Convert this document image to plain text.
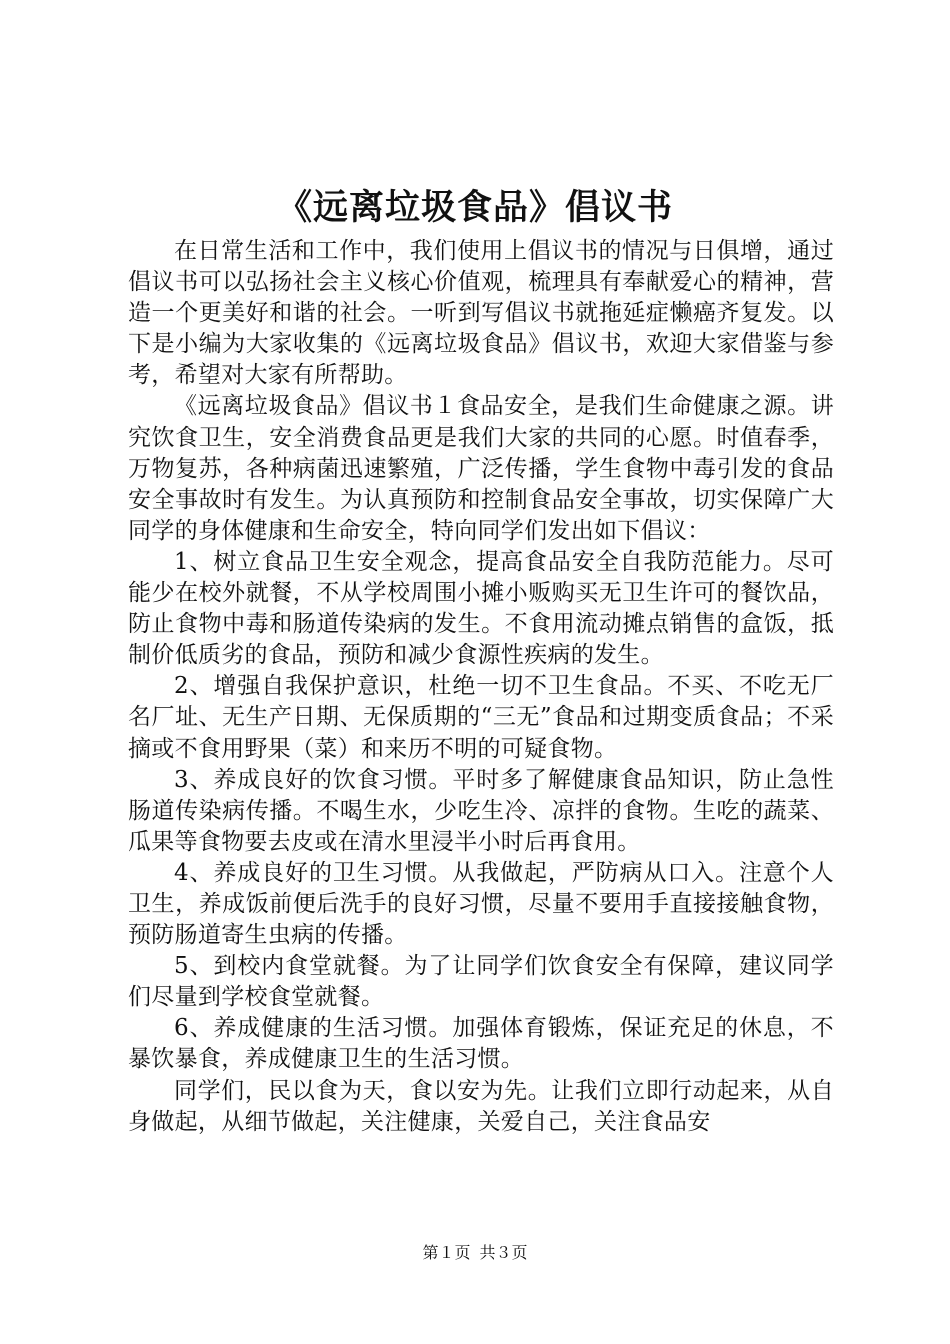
《远离垃圾食品》倡议书

在日常生活和工作中，我们使用上倡议书的情况与日俱增，通过倡议书可以弘扬社会主义核心价值观，梳理具有奉献爱心的精神，营造一个更美好和谐的社会。一听到写倡议书就拖延症懒癌齐复发。以下是小编为大家收集的《远离垃圾食品》倡议书，欢迎大家借鉴与参考，希望对大家有所帮助。

《远离垃圾食品》倡议书１食品安全，是我们生命健康之源。讲究饮食卫生，安全消费食品更是我们大家的共同的心愿。时值春季，万物复苏，各种病菌迅速繁殖，广泛传播，学生食物中毒引发的食品安全事故时有发生。为认真预防和控制食品安全事故，切实保障广大同学的身体健康和生命安全，特向同学们发出如下倡议：

1、树立食品卫生安全观念，提高食品安全自我防范能力。尽可能少在校外就餐，不从学校周围小摊小贩购买无卫生许可的餐饮品，防止食物中毒和肠道传染病的发生。不食用流动摊点销售的盒饭，抵制价低质劣的食品，预防和减少食源性疾病的发生。

2、增强自我保护意识，杜绝一切不卫生食品。不买、不吃无厂名厂址、无生产日期、无保质期的“三无”食品和过期变质食品；不采摘或不食用野果（菜）和来历不明的可疑食物。

3、养成良好的饮食习惯。平时多了解健康食品知识，防止急性肠道传染病传播。不喝生水，少吃生冷、凉拌的食物。生吃的蔬菜、瓜果等食物要去皮或在清水里浸半小时后再食用。

4、养成良好的卫生习惯。从我做起，严防病从口入。注意个人卫生，养成饭前便后洗手的良好习惯，尽量不要用手直接接触食物，预防肠道寄生虫病的传播。

5、到校内食堂就餐。为了让同学们饮食安全有保障，建议同学们尽量到学校食堂就餐。

6、养成健康的生活习惯。加强体育锻炼，保证充足的休息，不暴饮暴食，养成健康卫生的生活习惯。

同学们，民以食为天，食以安为先。让我们立即行动起来，从自身做起，从细节做起，关注健康，关爱自己，关注食品安

第１页 共３页
